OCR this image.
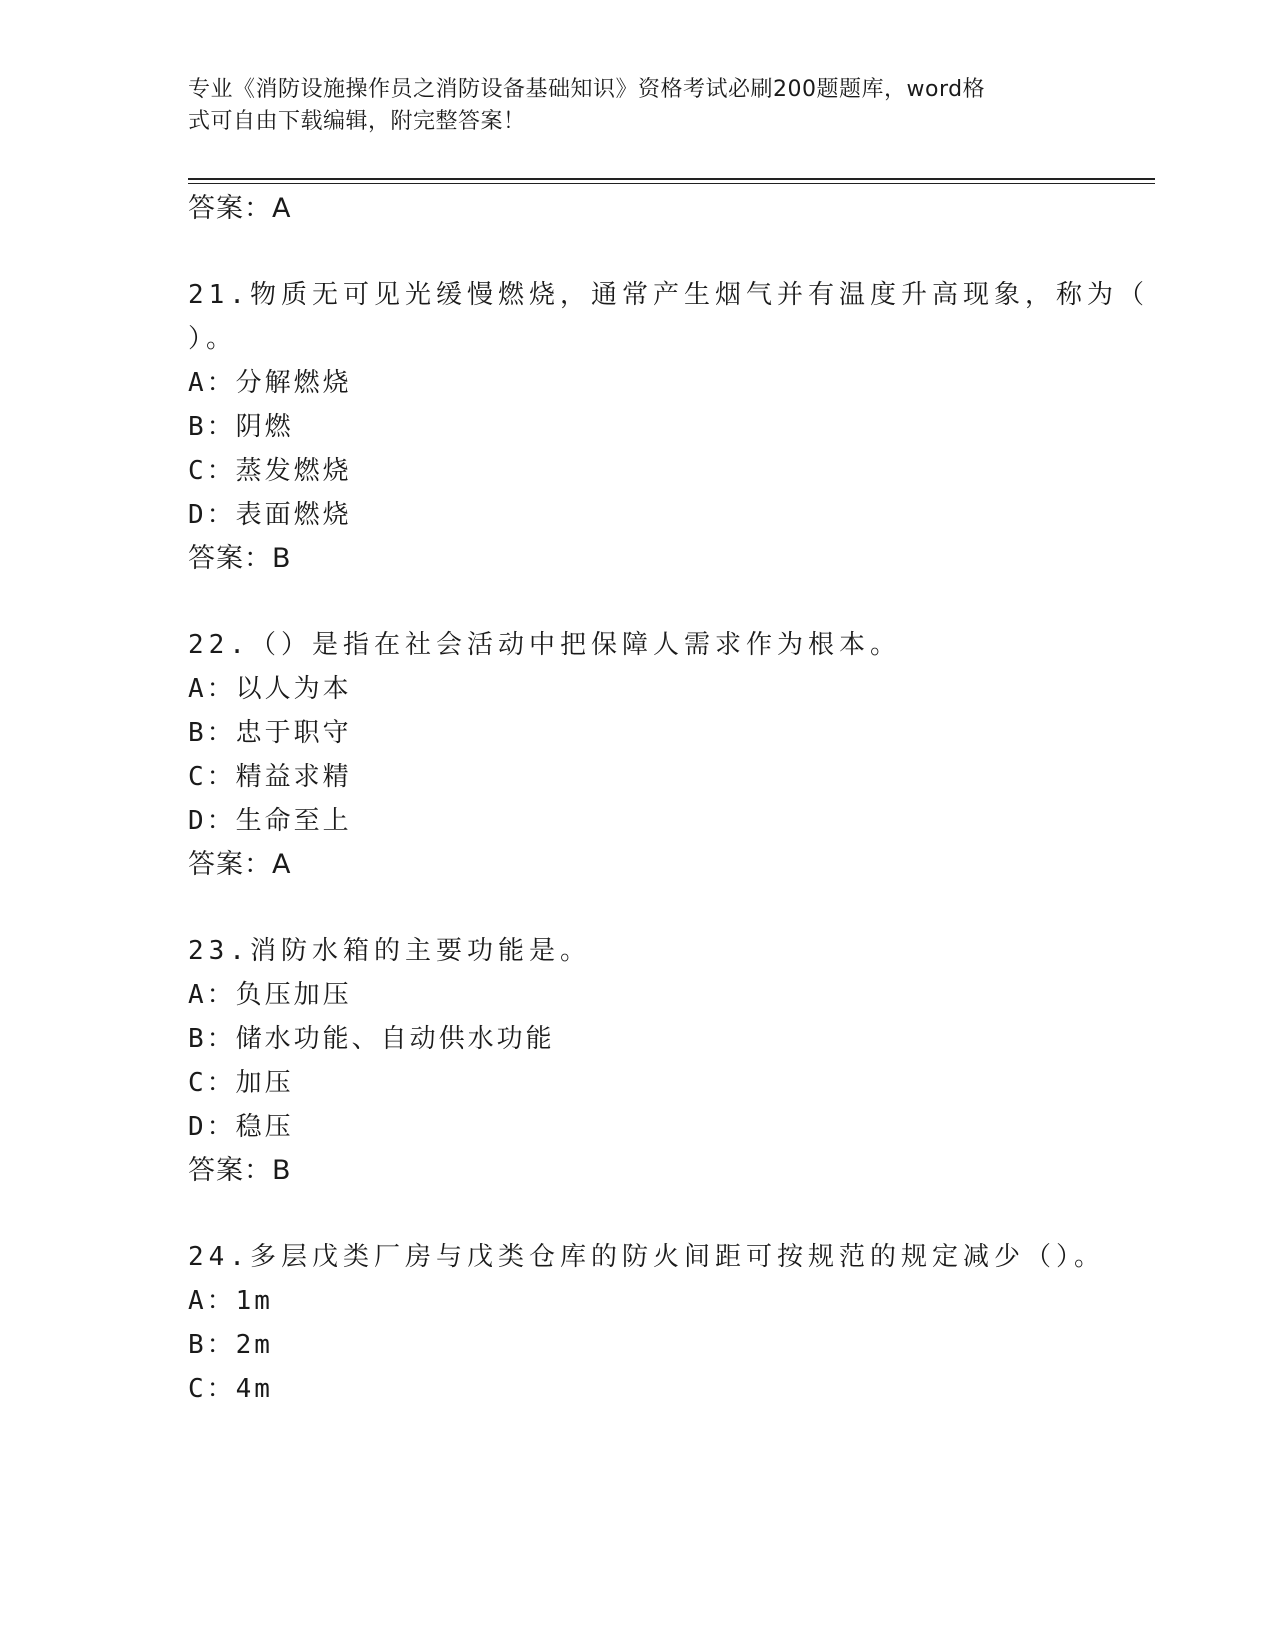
专业《消防设施操作员之消防设备基础知识》资格考试必刷200题题库，word格
式可自由下载编辑，附完整答案！
答案：A
21.物质无可见光缓慢燃烧，通常产生烟气并有温度升高现象，称为（
）。
A：分解燃烧
B：阴燃
C：蒸发燃烧
D：表面燃烧
答案：B
22.（）是指在社会活动中把保障人需求作为根本。
A：以人为本
B：忠于职守
C：精益求精
D：生命至上
答案：A
23.消防水箱的主要功能是。
A：负压加压
B：储水功能、自动供水功能
C：加压
D：稳压
答案：B
24.多层戊类厂房与戊类仓库的防火间距可按规范的规定减少（）。
A：1m
B：2m
C：4m
